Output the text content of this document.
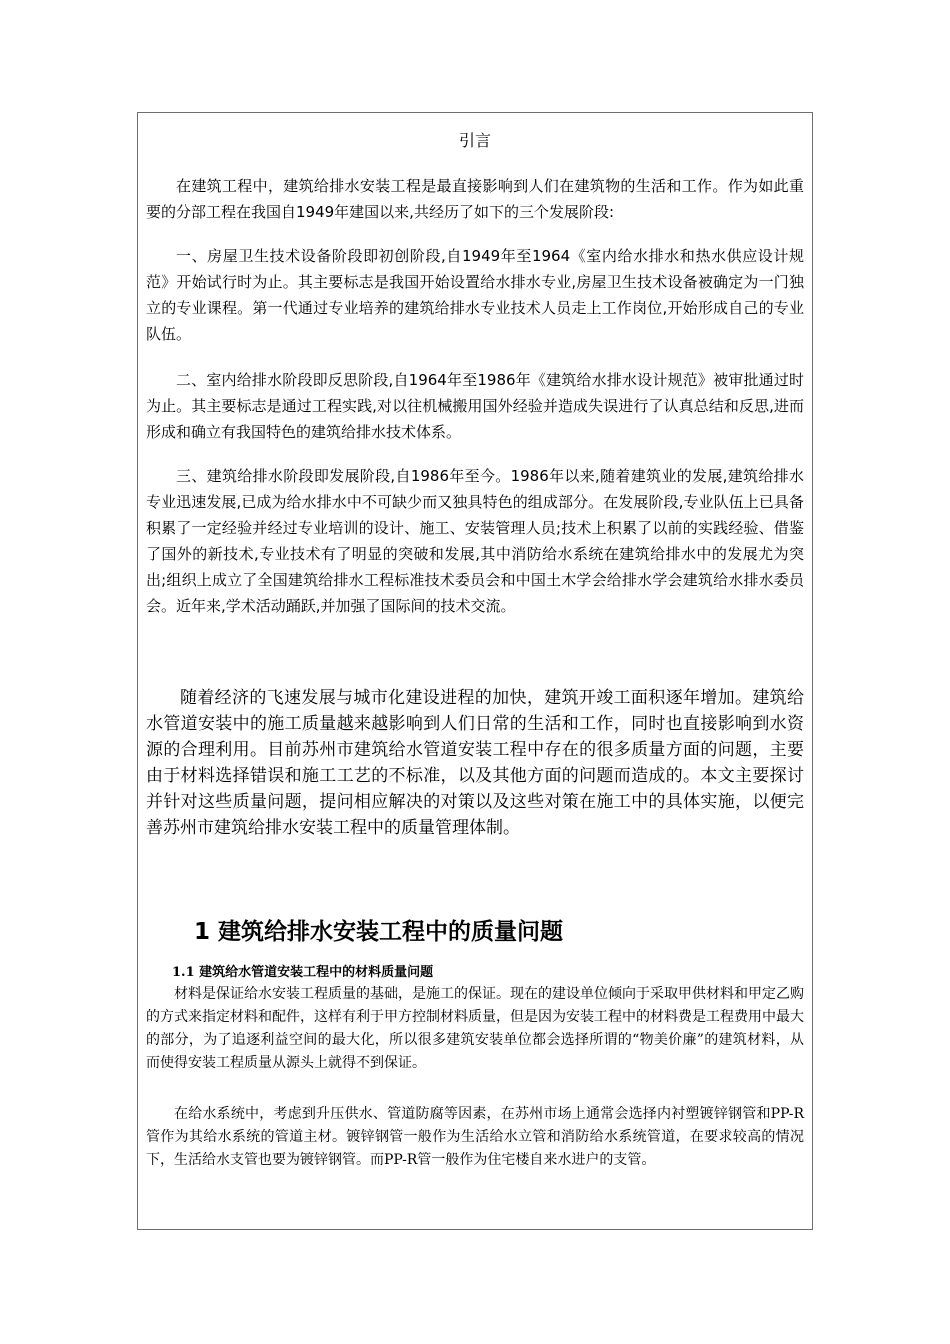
引言

在建筑工程中，建筑给排水安装工程是最直接影响到人们在建筑物的生活和工作。作为如此重要的分部工程在我国自1949年建国以来,共经历了如下的三个发展阶段:

一、房屋卫生技术设备阶段即初创阶段,自1949年至1964《室内给水排水和热水供应设计规范》开始试行时为止。其主要标志是我国开始设置给水排水专业,房屋卫生技术设备被确定为一门独立的专业课程。第一代通过专业培养的建筑给排水专业技术人员走上工作岗位,开始形成自己的专业队伍。

二、室内给排水阶段即反思阶段,自1964年至1986年《建筑给水排水设计规范》被审批通过时为止。其主要标志是通过工程实践,对以往机械搬用国外经验并造成失误进行了认真总结和反思,进而形成和确立有我国特色的建筑给排水技术体系。

三、建筑给排水阶段即发展阶段,自1986年至今。1986年以来,随着建筑业的发展,建筑给排水专业迅速发展,已成为给水排水中不可缺少而又独具特色的组成部分。在发展阶段,专业队伍上已具备积累了一定经验并经过专业培训的设计、施工、安装管理人员;技术上积累了以前的实践经验、借鉴了国外的新技术,专业技术有了明显的突破和发展,其中消防给水系统在建筑给排水中的发展尤为突出;组织上成立了全国建筑给排水工程标准技术委员会和中国土木学会给排水学会建筑给水排水委员会。近年来,学术活动踊跃,并加强了国际间的技术交流。

随着经济的飞速发展与城市化建设进程的加快，建筑开竣工面积逐年增加。建筑给水管道安装中的施工质量越来越影响到人们日常的生活和工作，同时也直接影响到水资源的合理利用。目前苏州市建筑给水管道安装工程中存在的很多质量方面的问题，主要由于材料选择错误和施工工艺的不标准，以及其他方面的问题而造成的。本文主要探讨并针对这些质量问题，提问相应解决的对策以及这些对策在施工中的具体实施，以便完善苏州市建筑给排水安装工程中的质量管理体制。

1 建筑给排水安装工程中的质量问题

1.1 建筑给水管道安装工程中的材料质量问题

材料是保证给水安装工程质量的基础，是施工的保证。现在的建设单位倾向于采取甲供材料和甲定乙购的方式来指定材料和配件，这样有利于甲方控制材料质量，但是因为安装工程中的材料费是工程费用中最大的部分，为了追逐利益空间的最大化，所以很多建筑安装单位都会选择所谓的“物美价廉”的建筑材料，从而使得安装工程质量从源头上就得不到保证。

在给水系统中，考虑到升压供水、管道防腐等因素，在苏州市场上通常会选择内衬塑镀锌钢管和PP-R管作为其给水系统的管道主材。镀锌钢管一般作为生活给水立管和消防给水系统管道，在要求较高的情况下，生活给水支管也要为镀锌钢管。而PP-R管一般作为住宅楼自来水进户的支管。
